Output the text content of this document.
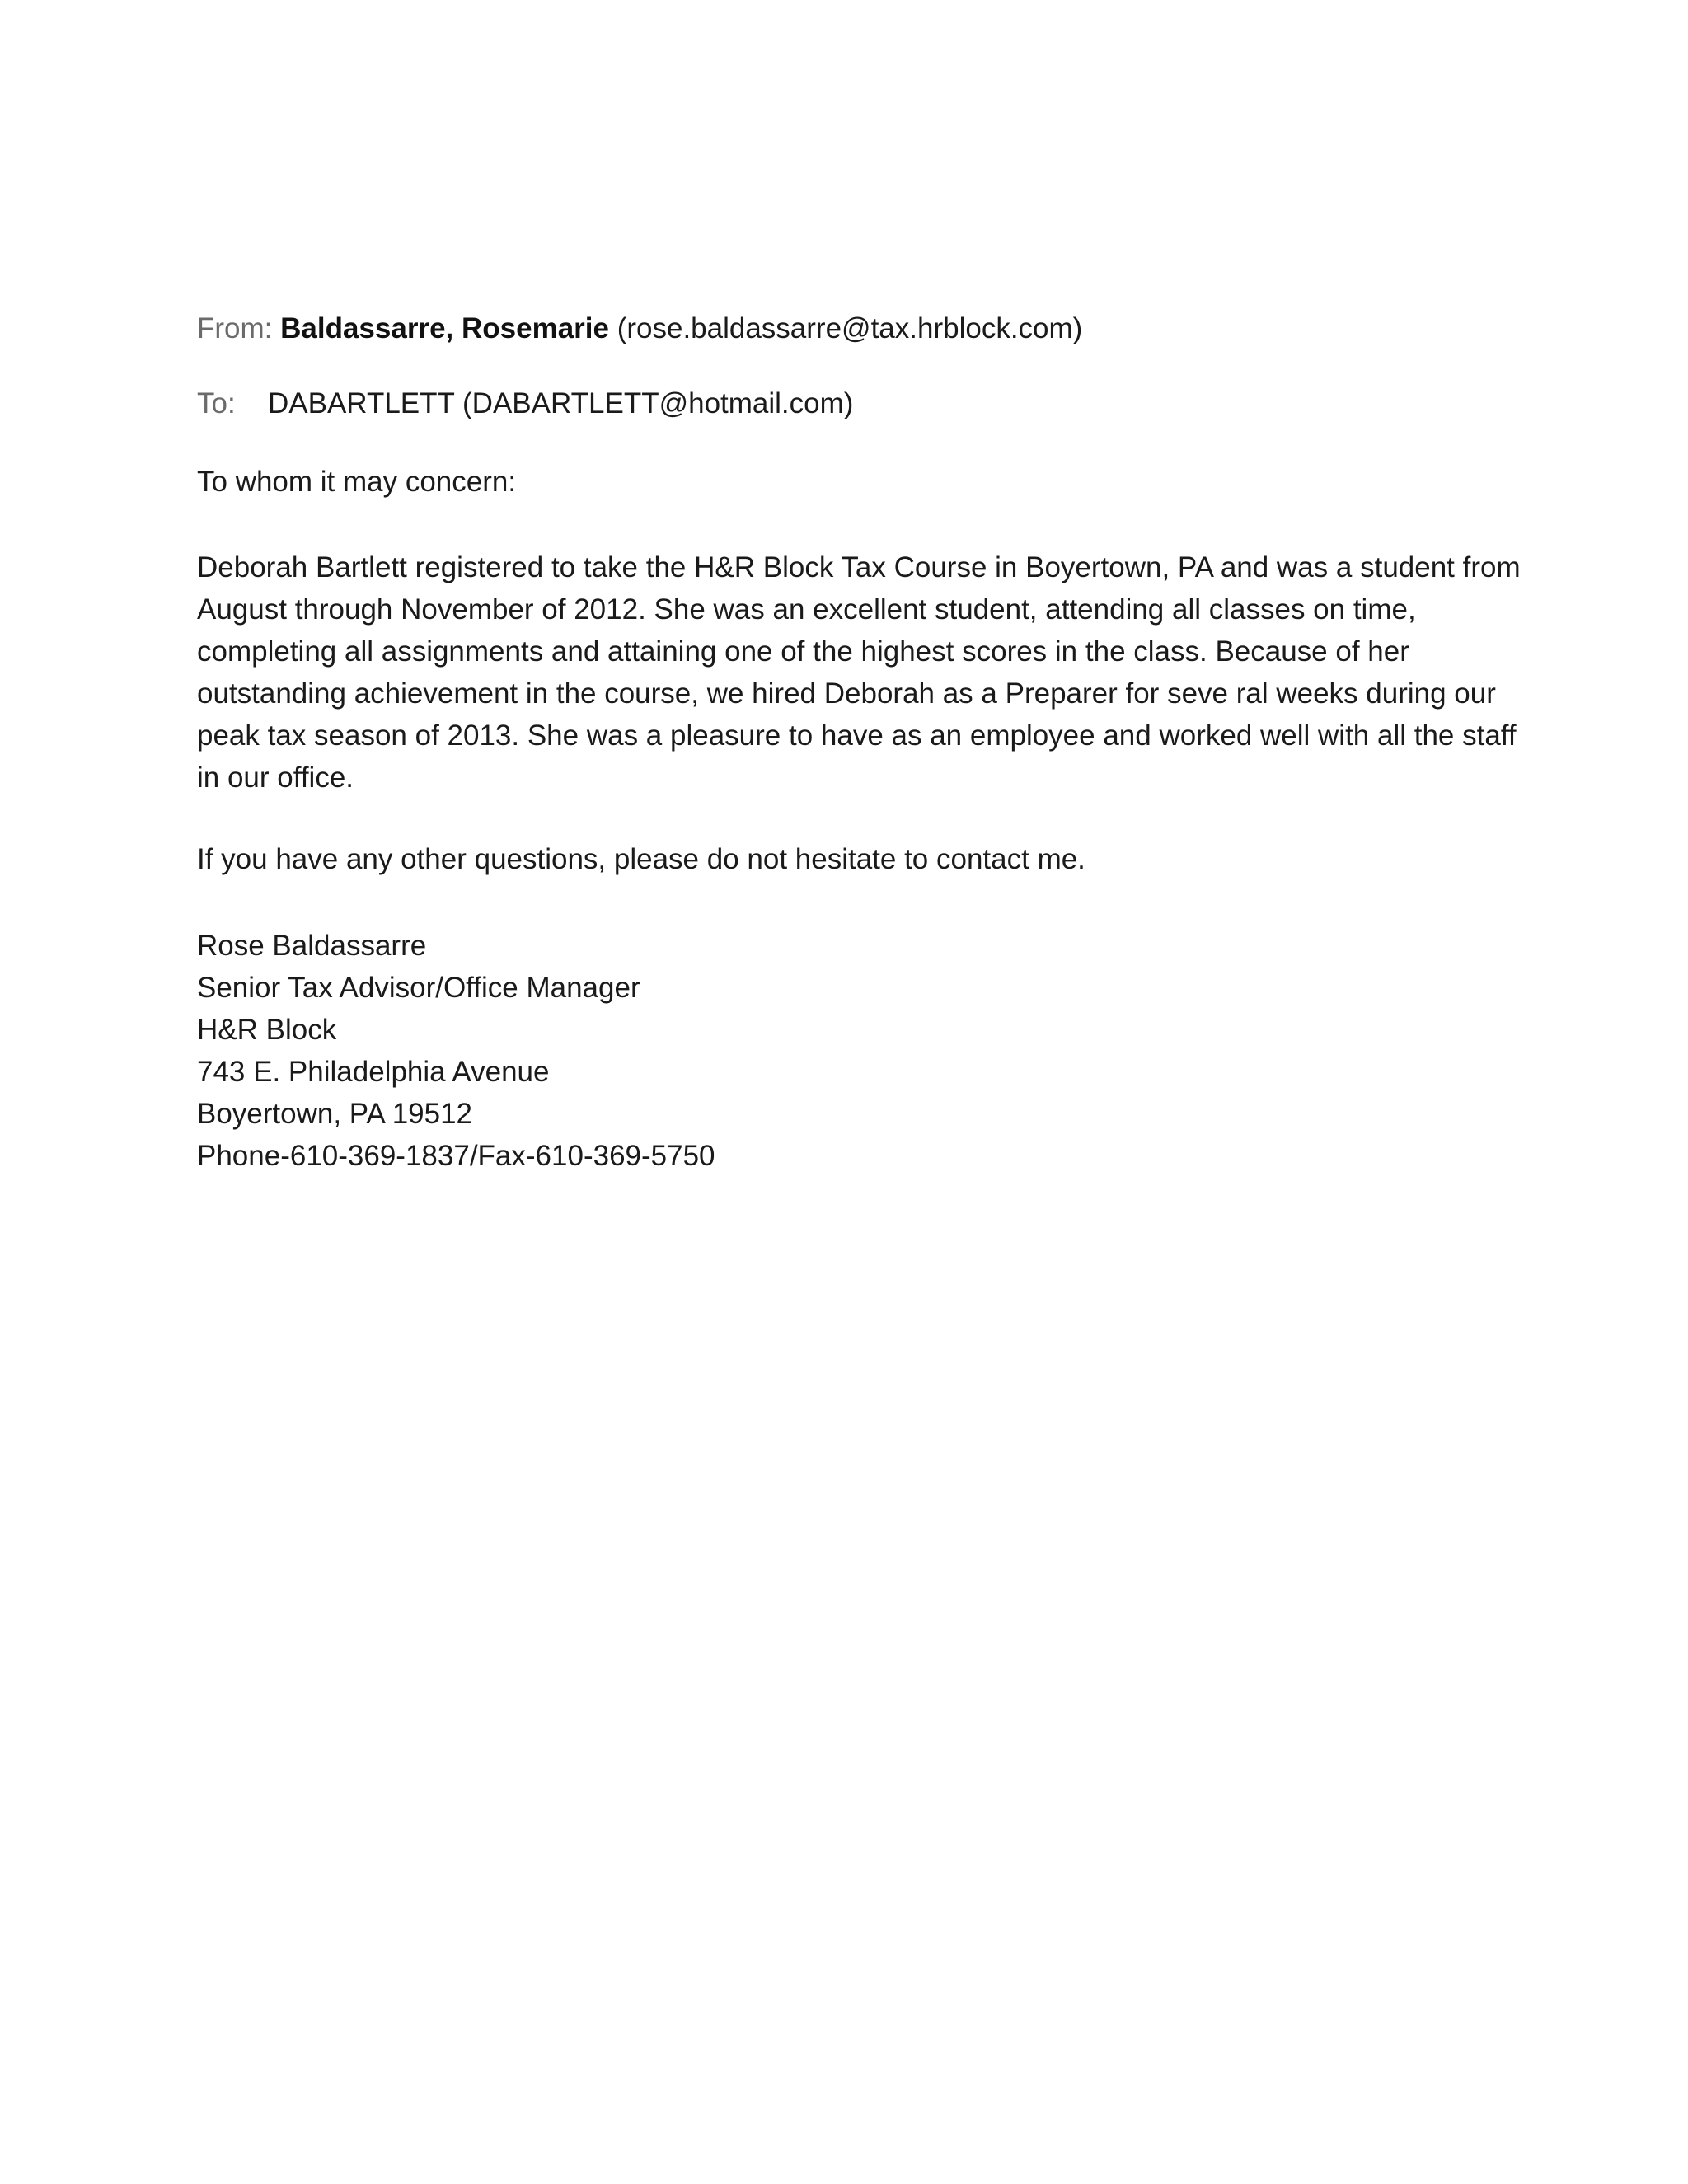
From: Baldassarre, Rosemarie (rose.baldassarre@tax.hrblock.com)
To: DABARTLETT (DABARTLETT@hotmail.com)
To whom it may concern:
Deborah Bartlett registered to take the H&R Block Tax Course in Boyertown, PA and was a student from
August through November of 2012. She was an excellent student, attending all classes on time,
completing all assignments and attaining one of the highest scores in the class. Because of her
outstanding achievement in the course, we hired Deborah as a Preparer for seve ral weeks during our
peak tax season of 2013. She was a pleasure to have as an employee and worked well with all the staff
in our office.
If you have any other questions, please do not hesitate to contact me.
Rose Baldassarre
Senior Tax Advisor/Office Manager
H&R Block
743 E. Philadelphia Avenue
Boyertown, PA 19512
Phone-610-369-1837/Fax-610-369-5750
